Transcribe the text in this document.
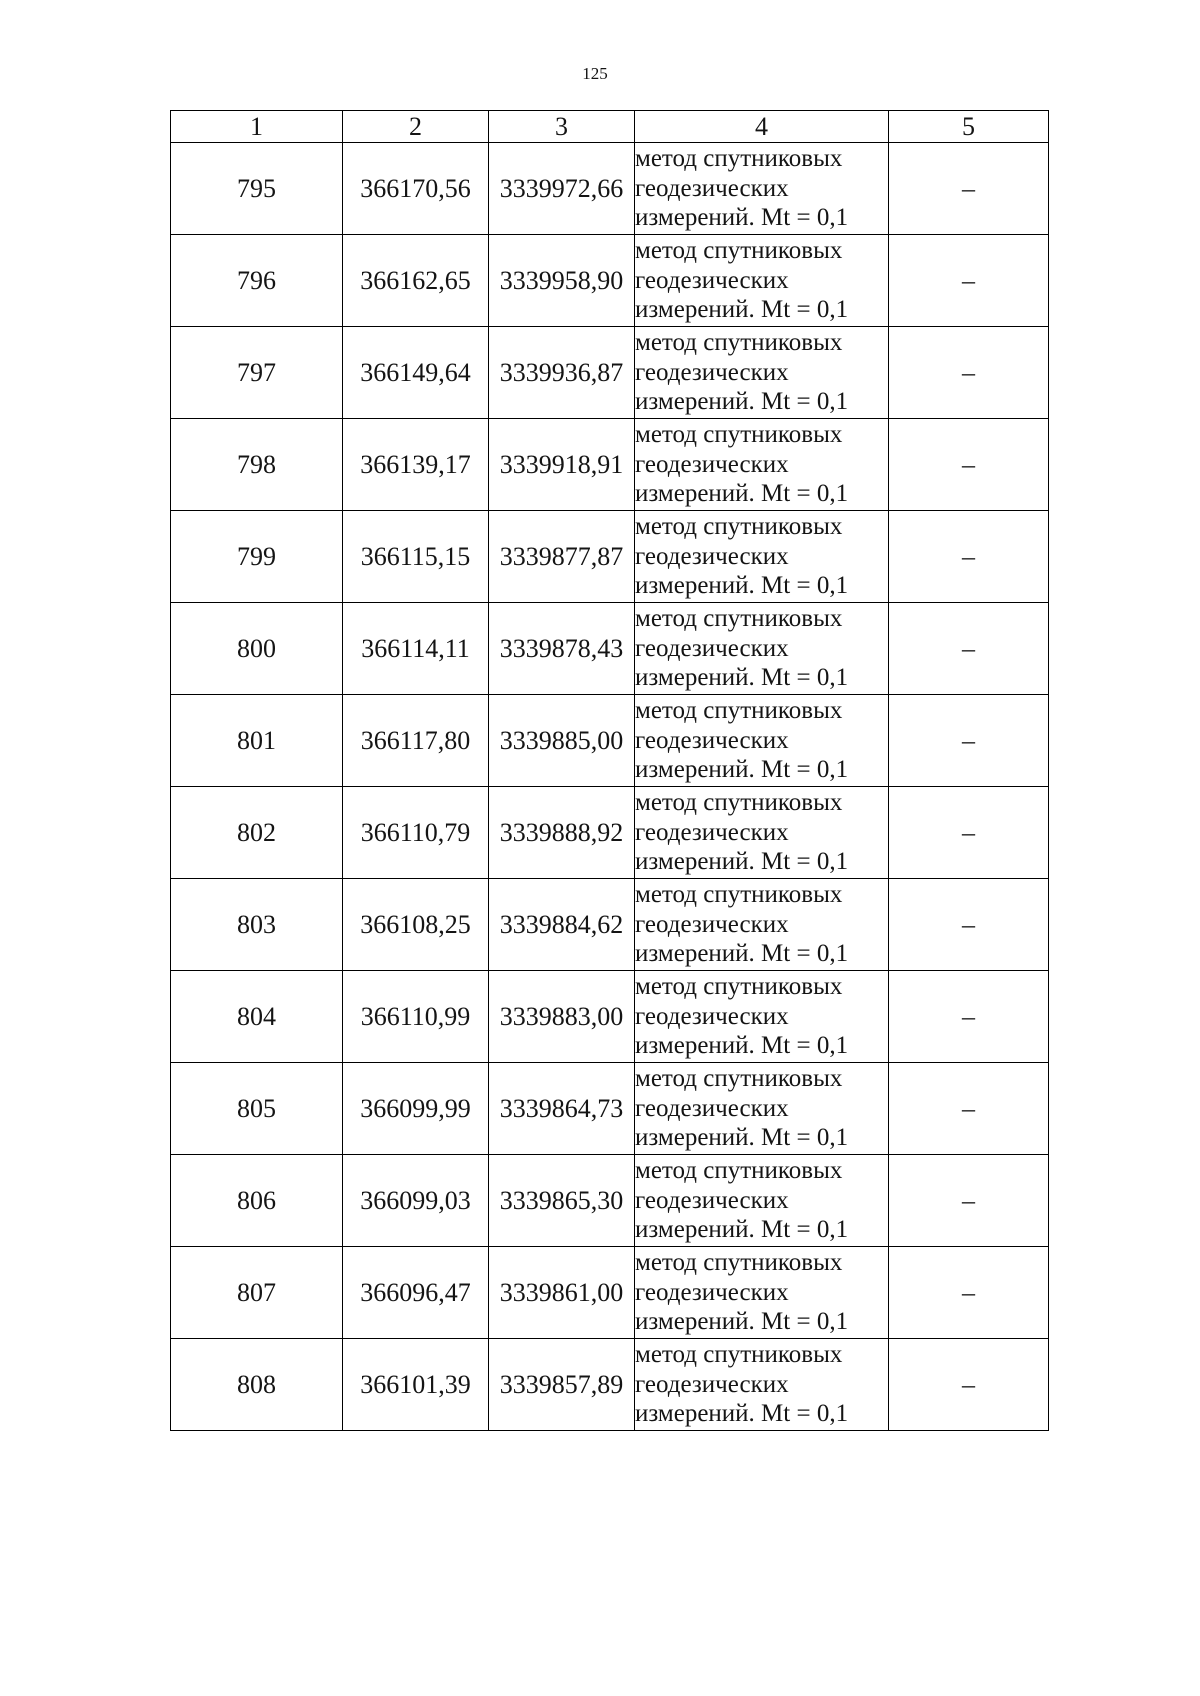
125
1	2	3	4	5
795	366170,56	3339972,66	метод спутниковых
геодезических
измерений. Mt = 0,1	–
796	366162,65	3339958,90	метод спутниковых
геодезических
измерений. Mt = 0,1	–
797	366149,64	3339936,87	метод спутниковых
геодезических
измерений. Mt = 0,1	–
798	366139,17	3339918,91	метод спутниковых
геодезических
измерений. Mt = 0,1	–
799	366115,15	3339877,87	метод спутниковых
геодезических
измерений. Mt = 0,1	–
800	366114,11	3339878,43	метод спутниковых
геодезических
измерений. Mt = 0,1	–
801	366117,80	3339885,00	метод спутниковых
геодезических
измерений. Mt = 0,1	–
802	366110,79	3339888,92	метод спутниковых
геодезических
измерений. Mt = 0,1	–
803	366108,25	3339884,62	метод спутниковых
геодезических
измерений. Mt = 0,1	–
804	366110,99	3339883,00	метод спутниковых
геодезических
измерений. Mt = 0,1	–
805	366099,99	3339864,73	метод спутниковых
геодезических
измерений. Mt = 0,1	–
806	366099,03	3339865,30	метод спутниковых
геодезических
измерений. Mt = 0,1	–
807	366096,47	3339861,00	метод спутниковых
геодезических
измерений. Mt = 0,1	–
808	366101,39	3339857,89	метод спутниковых
геодезических
измерений. Mt = 0,1	–
